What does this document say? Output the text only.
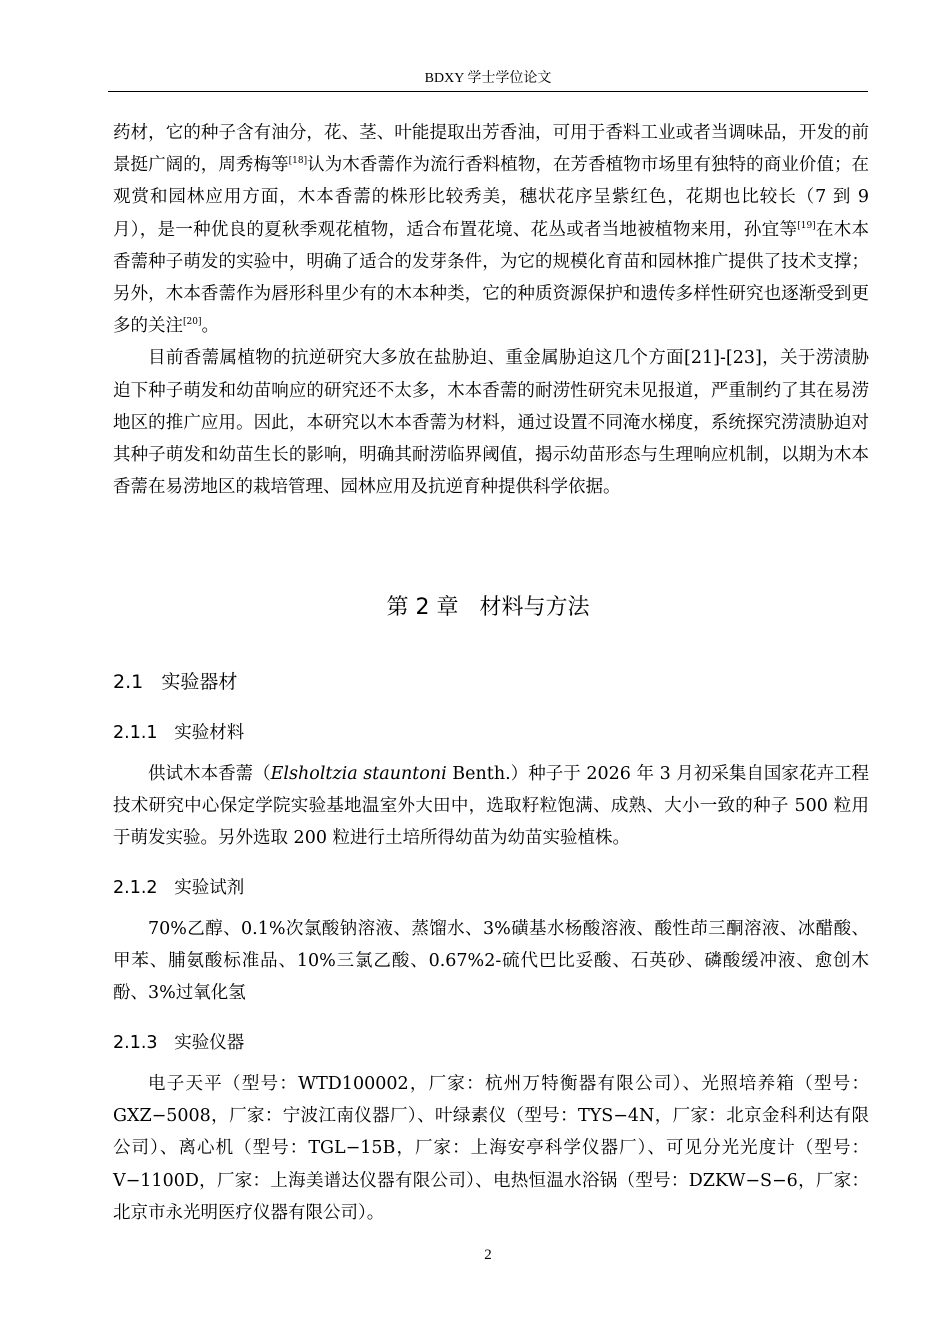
BDXY 学士学位论文

药材，它的种子含有油分，花、茎、叶能提取出芳香油，可用于香料工业或者当调味品，开发的前景挺广阔的，周秀梅等[18]认为木香薷作为流行香料植物，在芳香植物市场里有独特的商业价值；在观赏和园林应用方面，木本香薷的株形比较秀美，穗状花序呈紫红色，花期也比较长（7 到 9 月），是一种优良的夏秋季观花植物，适合布置花境、花丛或者当地被植物来用，孙宜等[19]在木本香薷种子萌发的实验中，明确了适合的发芽条件，为它的规模化育苗和园林推广提供了技术支撑；另外，木本香薷作为唇形科里少有的木本种类，它的种质资源保护和遗传多样性研究也逐渐受到更多的关注[20]。

目前香薷属植物的抗逆研究大多放在盐胁迫、重金属胁迫这几个方面[21]-[23]，关于涝渍胁迫下种子萌发和幼苗响应的研究还不太多，木本香薷的耐涝性研究未见报道，严重制约了其在易涝地区的推广应用。因此，本研究以木本香薷为材料，通过设置不同淹水梯度，系统探究涝渍胁迫对其种子萌发和幼苗生长的影响，明确其耐涝临界阈值，揭示幼苗形态与生理响应机制，以期为木本香薷在易涝地区的栽培管理、园林应用及抗逆育种提供科学依据。

第 2 章 材料与方法
2.1 实验器材
2.1.1 实验材料

供试木本香薷（Elsholtzia stauntoni Benth.）种子于 2026 年 3 月初采集自国家花卉工程技术研究中心保定学院实验基地温室外大田中，选取籽粒饱满、成熟、大小一致的种子 500 粒用于萌发实验。另外选取 200 粒进行土培所得幼苗为幼苗实验植株。

2.1.2 实验试剂

70%乙醇、0.1%次氯酸钠溶液、蒸馏水、3%磺基水杨酸溶液、酸性茚三酮溶液、冰醋酸、甲苯、脯氨酸标准品、10%三氯乙酸、0.67%2-硫代巴比妥酸、石英砂、磷酸缓冲液、愈创木酚、3%过氧化氢

2.1.3 实验仪器

电子天平（型号：WTD100002，厂家：杭州万特衡器有限公司）、光照培养箱（型号：GXZ−5008，厂家：宁波江南仪器厂）、叶绿素仪（型号：TYS−4N，厂家：北京金科利达有限公司）、离心机（型号：TGL−15B，厂家：上海安亭科学仪器厂）、可见分光光度计（型号：V−1100D，厂家：上海美谱达仪器有限公司）、电热恒温水浴锅（型号：DZKW−S−6，厂家：北京市永光明医疗仪器有限公司）。

2
